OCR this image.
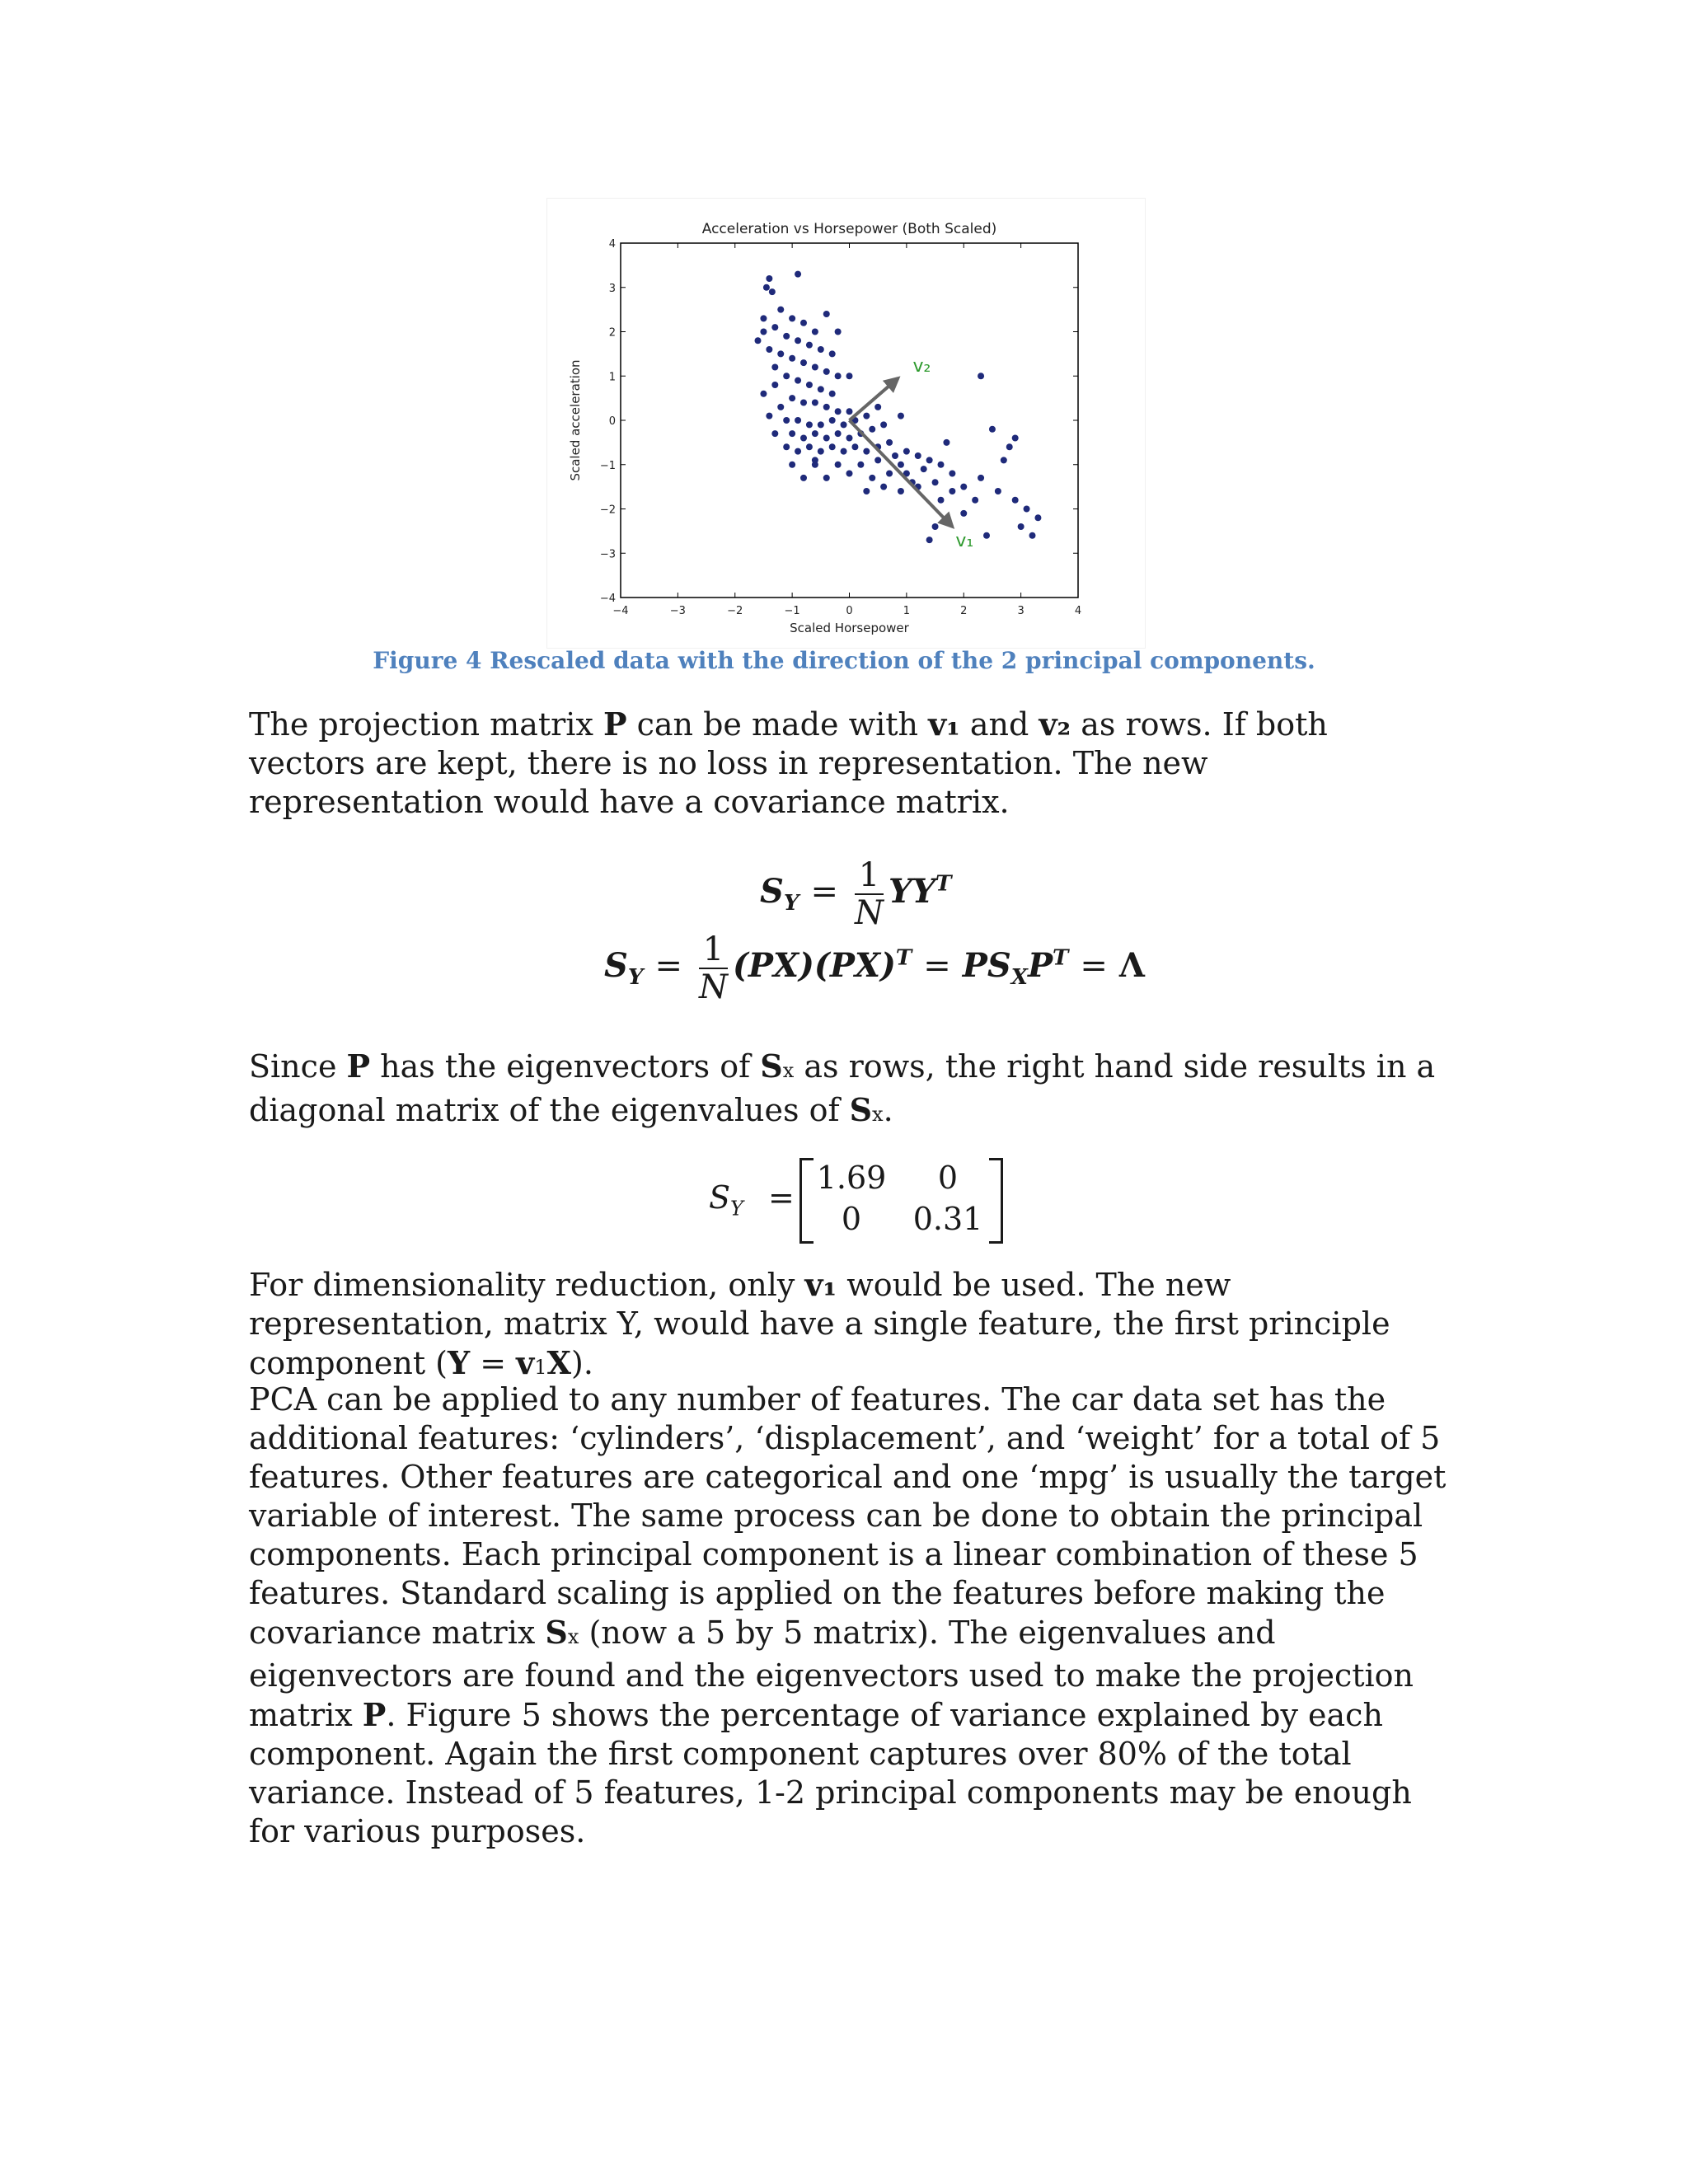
Acceleration vs Horsepower (Both Scaled)
−4
−4
−3
−3
−2
−2
−1
−1
0
0
1
1
2
2
3
3
4
4
Scaled Horsepower
Scaled acceleration
v₁
v₂
Figure 4 Rescaled data with the direction of the 2 principal components.

The projection matrix P can be made with v₁ and v₂ as rows. If both vectors are kept, there is no loss in representation. The new representation would have a covariance matrix.

$S_Y = \frac{1}{N} YY^T$
$S_Y = \frac{1}{N} (PX)(PX)^T = PS_XP^T = \Lambda$

Since P has the eigenvectors of Sx as rows, the right hand side results in a diagonal matrix of the eigenvalues of Sx.

$S_Y$ =
1.69	0
0	0.31

For dimensionality reduction, only v₁ would be used. The new representation, matrix Y, would have a single feature, the first principle component (Y = v1X).

PCA can be applied to any number of features. The car data set has the additional features: ‘cylinders’, ‘displacement’, and ‘weight’ for a total of 5 features. Other features are categorical and one ‘mpg’ is usually the target variable of interest. The same process can be done to obtain the principal components. Each principal component is a linear combination of these 5 features. Standard scaling is applied on the features before making the covariance matrix Sx (now a 5 by 5 matrix). The eigenvalues and eigenvectors are found and the eigenvectors used to make the projection matrix P. Figure 5 shows the percentage of variance explained by each component. Again the first component captures over 80% of the total variance. Instead of 5 features, 1-2 principal components may be enough for various purposes.
